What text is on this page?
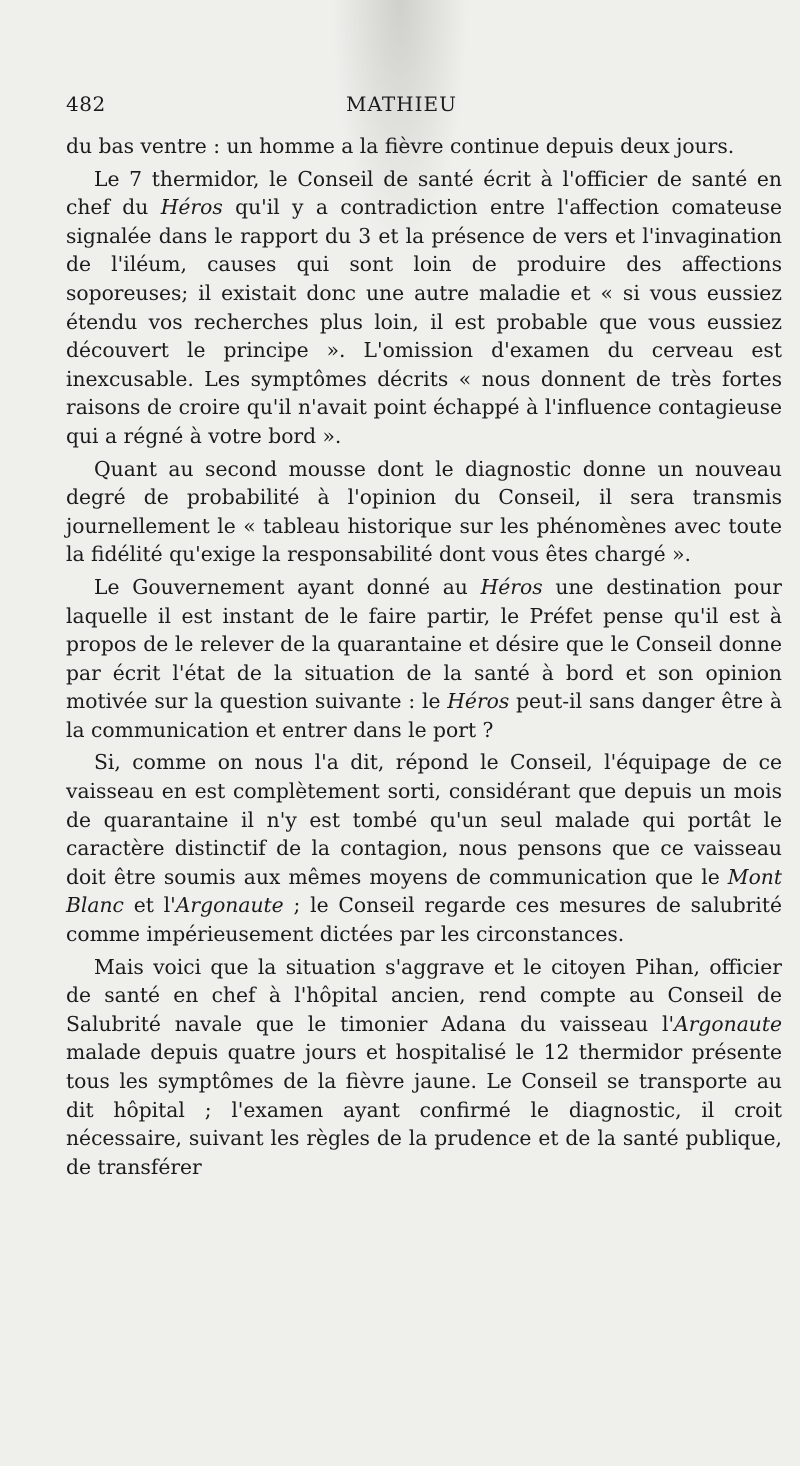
482	MATHIEU

du bas ventre : un homme a la fièvre continue depuis deux jours.

Le 7 thermidor, le Conseil de santé écrit à l'officier de santé en chef du Héros qu'il y a contradiction entre l'affection comateuse signalée dans le rapport du 3 et la présence de vers et l'invagination de l'iléum, causes qui sont loin de produire des affections soporeuses; il existait donc une autre maladie et « si vous eussiez étendu vos recherches plus loin, il est probable que vous eussiez découvert le principe ». L'omission d'examen du cerveau est inexcusable. Les symptômes décrits « nous donnent de très fortes raisons de croire qu'il n'avait point échappé à l'influence contagieuse qui a régné à votre bord ».

Quant au second mousse dont le diagnostic donne un nouveau degré de probabilité à l'opinion du Conseil, il sera transmis journellement le « tableau historique sur les phénomènes avec toute la fidélité qu'exige la responsabilité dont vous êtes chargé ».

Le Gouvernement ayant donné au Héros une destination pour laquelle il est instant de le faire partir, le Préfet pense qu'il est à propos de le relever de la quarantaine et désire que le Conseil donne par écrit l'état de la situation de la santé à bord et son opinion motivée sur la question suivante : le Héros peut-il sans danger être à la communication et entrer dans le port ?

Si, comme on nous l'a dit, répond le Conseil, l'équipage de ce vaisseau en est complètement sorti, considérant que depuis un mois de quarantaine il n'y est tombé qu'un seul malade qui portât le caractère distinctif de la contagion, nous pensons que ce vaisseau doit être soumis aux mêmes moyens de communication que le Mont Blanc et l'Argonaute ; le Conseil regarde ces mesures de salubrité comme impérieusement dictées par les circonstances.

Mais voici que la situation s'aggrave et le citoyen Pihan, officier de santé en chef à l'hôpital ancien, rend compte au Conseil de Salubrité navale que le timonier Adana du vaisseau l'Argonaute malade depuis quatre jours et hospitalisé le 12 thermidor présente tous les symptômes de la fièvre jaune. Le Conseil se transporte au dit hôpital ; l'examen ayant confirmé le diagnostic, il croit nécessaire, suivant les règles de la prudence et de la santé publique, de transférer
